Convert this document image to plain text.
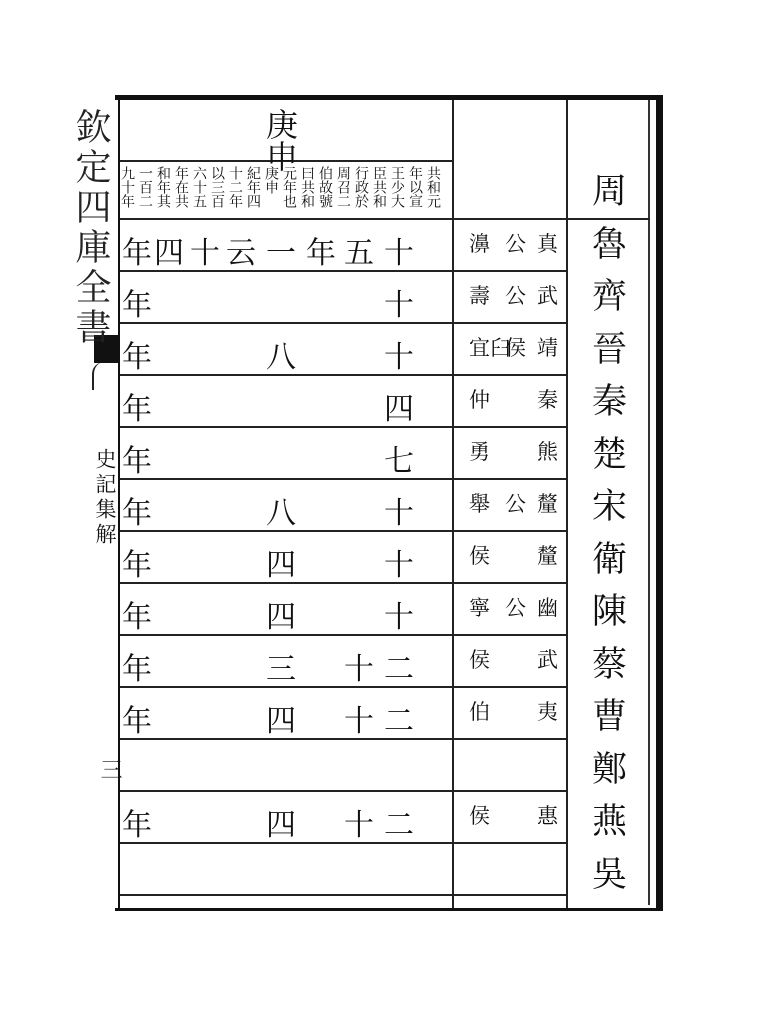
欽定四庫全書
史記集解
三
庚申
共和元
年以宣
王少大
臣共和
行政於
周召二
伯故號
曰共和
元年也
庚申
紀年四
十二年
以三百
六十五
年在共
和年其
一百二
九十年	周
魯
齊
晉
秦
楚
宋
衛
陳
蔡
曹
鄭
燕
吳
真
公
濞
十
五
年
一
云
十
四
年
武
公
壽
十
年
靖
侯
宜臼
十
八
年
秦
仲
四
年
熊
勇
七
年
釐
公
舉
十
八
年
釐
侯
十
四
年
幽
公
寧
十
四
年
武
侯
二
十
三
年
夷
伯
二
十
四
年
惠
侯
二
十
四
年
